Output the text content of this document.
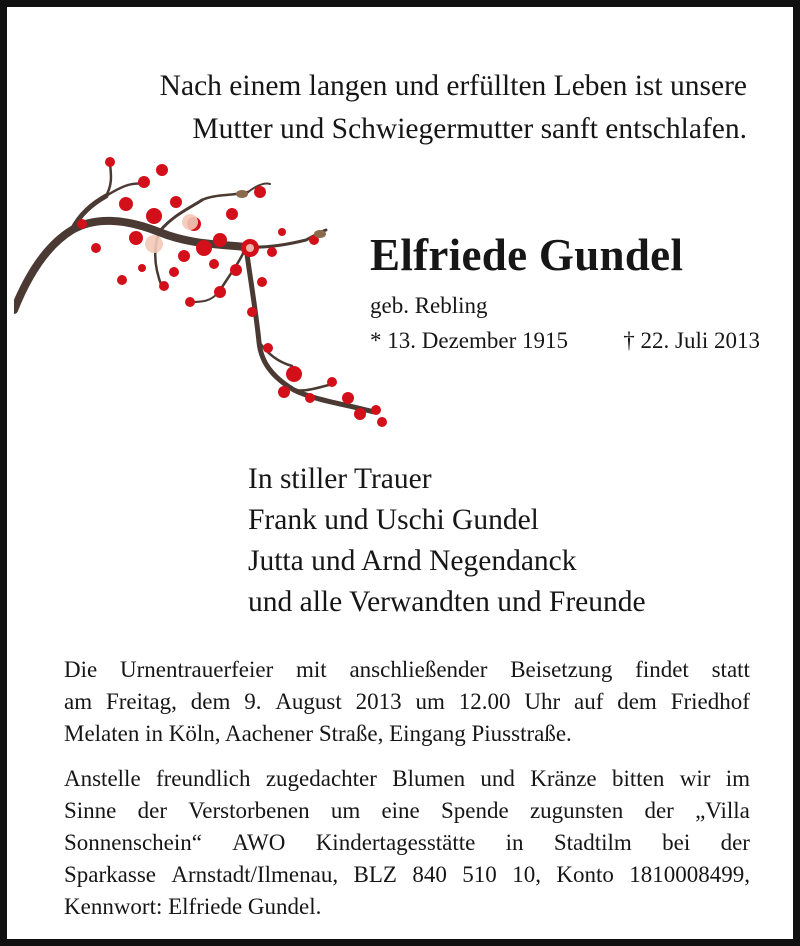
Nach einem langen und erfüllten Leben ist unsere
Mutter und Schwiegermutter sanft entschlafen.
Elfriede Gundel
geb. Rebling
* 13. Dezember 1915 † 22. Juli 2013
In stiller Trauer
Frank und Uschi Gundel
Jutta und Arnd Negendanck
und alle Verwandten und Freunde
Die Urnentrauerfeier mit anschließender Beisetzung findet statt
am Freitag, dem 9. August 2013 um 12.00 Uhr auf dem Friedhof
Melaten in Köln, Aachener Straße, Eingang Piusstraße.
Anstelle freundlich zugedachter Blumen und Kränze bitten wir im
Sinne der Verstorbenen um eine Spende zugunsten der „Villa
Sonnenschein“ AWO Kindertagesstätte in Stadtilm bei der
Sparkasse Arnstadt/Ilmenau, BLZ 840 510 10, Konto 1810008499,
Kennwort: Elfriede Gundel.
